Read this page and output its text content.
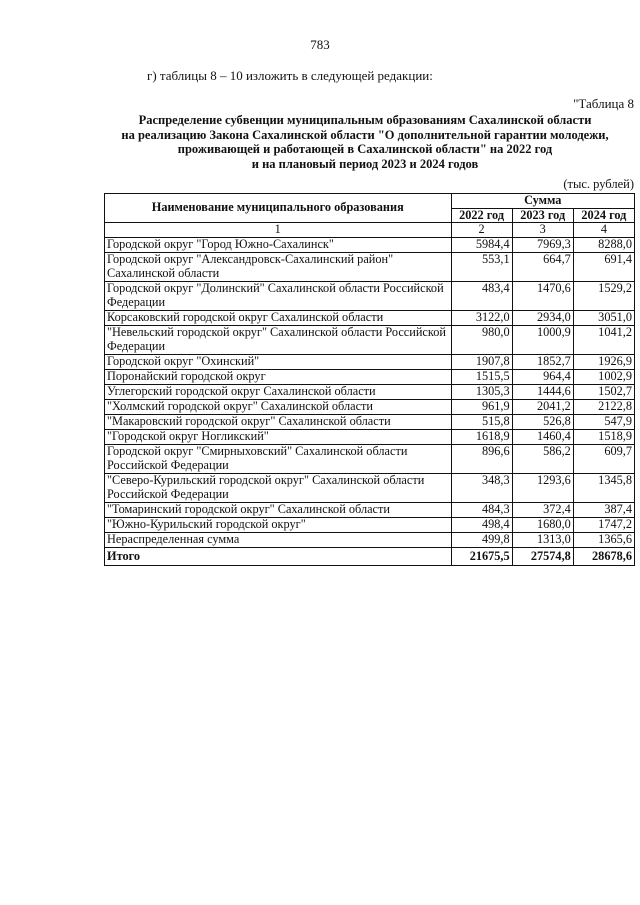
783
г) таблицы 8 – 10 изложить в следующей редакции:
"Таблица 8
Распределение субвенции муниципальным образованиям Сахалинской области
на реализацию Закона Сахалинской области "О дополнительной гарантии молодежи,
проживающей и работающей в Сахалинской области" на 2022 год
и на плановый период 2023 и 2024 годов
(тыс. рублей)
Наименование муниципального образования	Сумма		
	2022 год	2023 год	2024 год
1	2	3	4
Городской округ "Город Южно-Сахалинск"	5984,4	7969,3	8288,0
Городской округ "Александровск-Сахалинский район" Сахалинской области	553,1	664,7	691,4
Городской округ "Долинский" Сахалинской области Российской Федерации	483,4	1470,6	1529,2
Корсаковский городской округ Сахалинской области	3122,0	2934,0	3051,0
"Невельский городской округ" Сахалинской области Российской Федерации	980,0	1000,9	1041,2
Городской округ "Охинский"	1907,8	1852,7	1926,9
Поронайский городской округ	1515,5	964,4	1002,9
Углегорский городской округ Сахалинской области	1305,3	1444,6	1502,7
"Холмский городской округ" Сахалинской области	961,9	2041,2	2122,8
"Макаровский городской округ" Сахалинской области	515,8	526,8	547,9
"Городской округ Ногликский"	1618,9	1460,4	1518,9
Городской округ "Смирныховский" Сахалинской области Российской Федерации	896,6	586,2	609,7
"Северо-Курильский городской округ" Сахалинской области Российской Федерации	348,3	1293,6	1345,8
"Томаринский городской округ" Сахалинской области	484,3	372,4	387,4
"Южно-Курильский городской округ"	498,4	1680,0	1747,2
Нераспределенная сумма	499,8	1313,0	1365,6
Итого	21675,5	27574,8	28678,6
